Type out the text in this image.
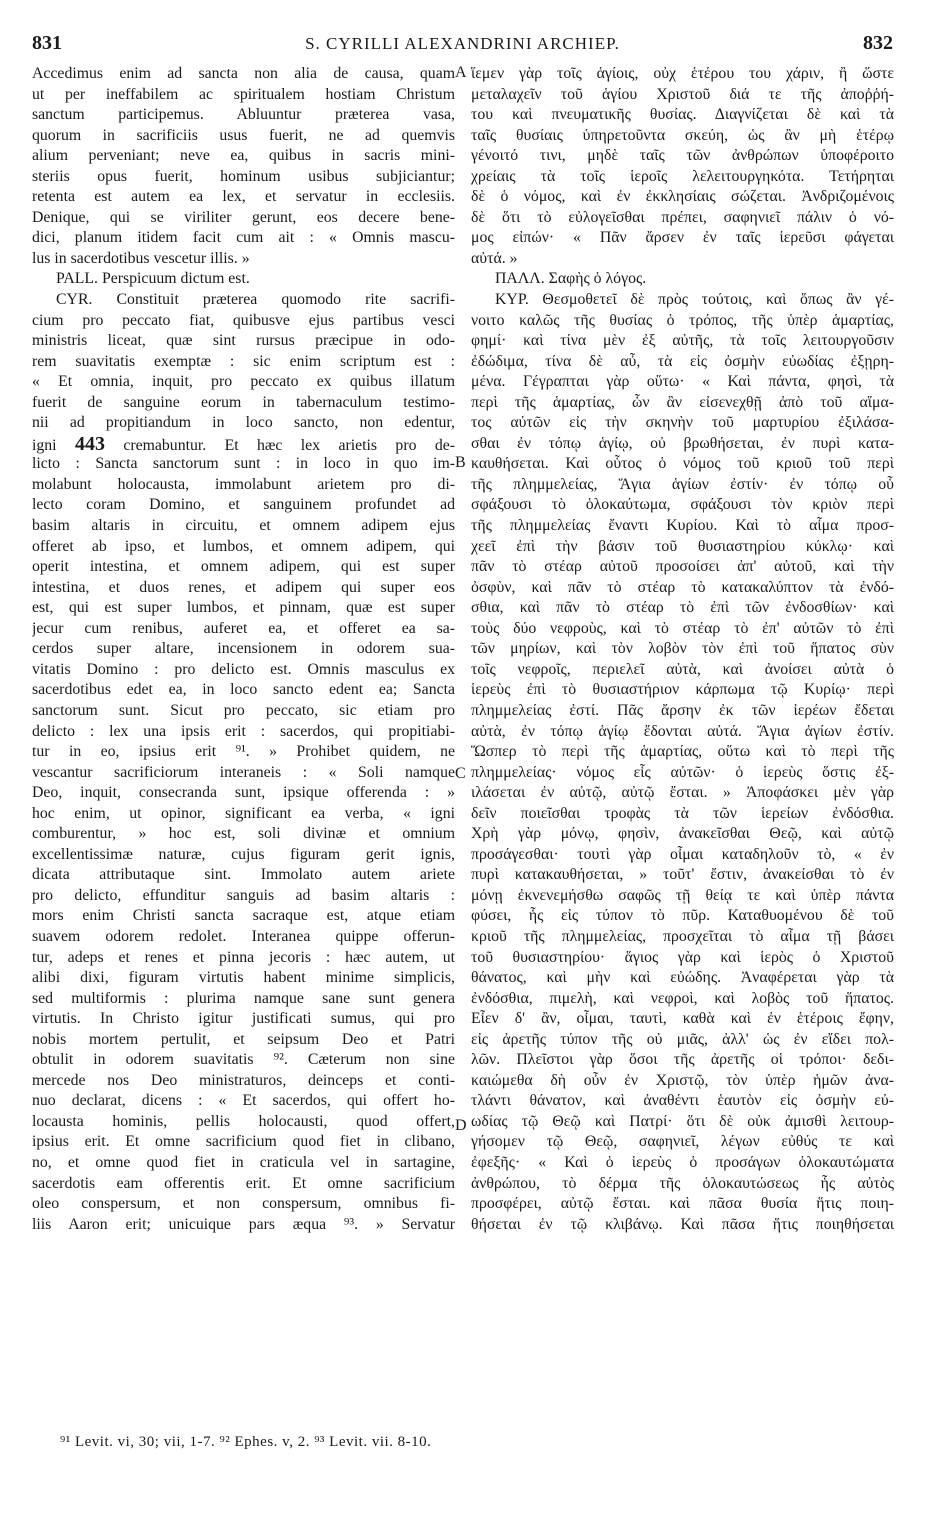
831	S. CYRILLI ALEXANDRINI ARCHIEP.	832
Accedimus enim ad sancta non alia de causa, quam
ut per ineffabilem ac spiritualem hostiam Christum
sanctum participemus. Abluuntur præterea vasa,
quorum in sacrificiis usus fuerit, ne ad quemvis
alium perveniant; neve ea, quibus in sacris mini-
steriis opus fuerit, hominum usibus subjiciantur;
retenta est autem ea lex, et servatur in ecclesiis.
Denique, qui se viriliter gerunt, eos decere bene-
dici, planum itidem facit cum ait : « Omnis mascu-
lus in sacerdotibus vescetur illis. »
PALL. Perspicuum dictum est.
CYR. Constituit præterea quomodo rite sacrifi-
cium pro peccato fiat, quibusve ejus partibus vesci
ministris liceat, quæ sint rursus præcipue in odo-
rem suavitatis exemptæ : sic enim scriptum est :
« Et omnia, inquit, pro peccato ex quibus illatum
fuerit de sanguine eorum in tabernaculum testimo-
nii ad propitiandum in loco sancto, non edentur,
igni 443 cremabuntur. Et hæc lex arietis pro de-
licto : Sancta sanctorum sunt : in loco in quo im-
molabunt holocausta, immolabunt arietem pro di-
lecto coram Domino, et sanguinem profundet ad
basim altaris in circuitu, et omnem adipem ejus
offeret ab ipso, et lumbos, et omnem adipem, qui
operit intestina, et omnem adipem, qui est super
intestina, et duos renes, et adipem qui super eos
est, qui est super lumbos, et pinnam, quæ est super
jecur cum renibus, auferet ea, et offeret ea sa-
cerdos super altare, incensionem in odorem sua-
vitatis Domino : pro delicto est. Omnis masculus ex
sacerdotibus edet ea, in loco sancto edent ea; Sancta
sanctorum sunt. Sicut pro peccato, sic etiam pro
delicto : lex una ipsis erit : sacerdos, qui propitiabi-
tur in eo, ipsius erit ⁹¹. » Prohibet quidem, ne
vescantur sacrificiorum interaneis : « Soli namque
Deo, inquit, consecranda sunt, ipsique offerenda : »
hoc enim, ut opinor, significant ea verba, « igni
comburentur, » hoc est, soli divinæ et omnium
excellentissimæ naturæ, cujus figuram gerit ignis,
dicata attributaque sint. Immolato autem ariete
pro delicto, effunditur sanguis ad basim altaris :
mors enim Christi sancta sacraque est, atque etiam
suavem odorem redolet. Interanea quippe offerun-
tur, adeps et renes et pinna jecoris : hæc autem, ut
alibi dixi, figuram virtutis habent minime simplicis,
sed multiformis : plurima namque sane sunt genera
virtutis. In Christo igitur justificati sumus, qui pro
nobis mortem pertulit, et seipsum Deo et Patri
obtulit in odorem suavitatis ⁹². Cæterum non sine
mercede nos Deo ministraturos, deinceps et conti-
nuo declarat, dicens : « Et sacerdos, qui offert ho-
locausta hominis, pellis holocausti, quod offert,
ipsius erit. Et omne sacrificium quod fiet in clibano,
no, et omne quod fiet in craticula vel in sartagine,
sacerdotis eam offerentis erit. Et omne sacrificium
oleo conspersum, et non conspersum, omnibus fi-
liis Aaron erit; unicuique pars æqua ⁹³. » Servatur
A
B
C
D
ἵεμεν γὰρ τοῖς ἁγίοις, οὐχ ἑτέρου του χάριν, ἢ ὥστε
μεταλαχεῖν τοῦ ἁγίου Χριστοῦ διά τε τῆς ἀποῤῥή-
του καὶ πνευματικῆς θυσίας. Διαγνίζεται δὲ καὶ τὰ
ταῖς θυσίαις ὑπηρετοῦντα σκεύη, ὡς ἂν μὴ ἑτέρῳ
γένοιτό τινι, μηδὲ ταῖς τῶν ἀνθρώπων ὑποφέροιτο
χρείαις τὰ τοῖς ἱεροῖς λελειτουργηκότα. Τετήρηται
δὲ ὁ νόμος, καὶ ἐν ἐκκλησίαις σώζεται. Ἀνδριζομένοις
δὲ ὅτι τὸ εὐλογεῖσθαι πρέπει, σαφηνιεῖ πάλιν ὁ νό-
μος εἰπών· « Πᾶν ἄρσεν ἐν ταῖς ἱερεῦσι φάγεται
αὐτά. »
ΠΑΛΛ. Σαφὴς ὁ λόγος.
ΚΥΡ. Θεσμοθετεῖ δὲ πρὸς τούτοις, καὶ ὅπως ἂν γέ-
νοιτο καλῶς τῆς θυσίας ὁ τρόπος, τῆς ὑπὲρ ἁμαρτίας,
φημί· καὶ τίνα μὲν ἐξ αὐτῆς, τὰ τοῖς λειτουργοῦσιν
ἐδώδιμα, τίνα δὲ αὖ, τὰ εἰς ὀσμὴν εὐωδίας ἐξῃρη-
μένα. Γέγραπται γὰρ οὕτω· « Καὶ πάντα, φησὶ, τὰ
περὶ τῆς ἁμαρτίας, ὧν ἂν εἰσενεχθῇ ἀπὸ τοῦ αἵμα-
τος αὐτῶν εἰς τὴν σκηνὴν τοῦ μαρτυρίου ἐξιλάσα-
σθαι ἐν τόπῳ ἁγίῳ, οὐ βρωθήσεται, ἐν πυρὶ κατα-
καυθήσεται. Καὶ οὗτος ὁ νόμος τοῦ κριοῦ τοῦ περὶ
τῆς πλημμελείας, Ἅγια ἁγίων ἐστίν· ἐν τόπῳ οὗ
σφάξουσι τὸ ὁλοκαύτωμα, σφάξουσι τὸν κριὸν περὶ
τῆς πλημμελείας ἔναντι Κυρίου. Καὶ τὸ αἷμα προσ-
χεεῖ ἐπὶ τὴν βάσιν τοῦ θυσιαστηρίου κύκλῳ· καὶ
πᾶν τὸ στέαρ αὐτοῦ προσοίσει ἀπ' αὐτοῦ, καὶ τὴν
ὀσφὺν, καὶ πᾶν τὸ στέαρ τὸ κατακαλύπτον τὰ ἐνδό-
σθια, καὶ πᾶν τὸ στέαρ τὸ ἐπὶ τῶν ἐνδοσθίων· καὶ
τοὺς δύο νεφροὺς, καὶ τὸ στέαρ τὸ ἐπ' αὐτῶν τὸ ἐπὶ
τῶν μηρίων, καὶ τὸν λοβὸν τὸν ἐπὶ τοῦ ἥπατος σὺν
τοῖς νεφροῖς, περιελεῖ αὐτὰ, καὶ ἀνοίσει αὐτὰ ὁ
ἱερεὺς ἐπὶ τὸ θυσιαστήριον κάρπωμα τῷ Κυρίῳ· περὶ
πλημμελείας ἐστί. Πᾶς ἄρσην ἐκ τῶν ἱερέων ἔδεται
αὐτὰ, ἐν τόπῳ ἁγίῳ ἔδονται αὐτά. Ἅγια ἁγίων ἐστίν.
Ὥσπερ τὸ περὶ τῆς ἁμαρτίας, οὕτω καὶ τὸ περὶ τῆς
πλημμελείας· νόμος εἷς αὐτῶν· ὁ ἱερεὺς ὅστις ἐξ-
ιλάσεται ἐν αὐτῷ, αὐτῷ ἔσται. » Ἀποφάσκει μὲν γὰρ
δεῖν ποιεῖσθαι τροφὰς τὰ τῶν ἱερείων ἐνδόσθια.
Χρὴ γὰρ μόνῳ, φησὶν, ἀνακεῖσθαι Θεῷ, καὶ αὐτῷ
προσάγεσθαι· τουτὶ γὰρ οἶμαι καταδηλοῦν τὸ, « ἐν
πυρὶ κατακαυθήσεται, » τοῦτ' ἔστιν, ἀνακείσθαι τὸ ἐν
μόνῃ ἐκνενεμήσθω σαφῶς τῇ θείᾳ τε καὶ ὑπὲρ πάντα
φύσει, ἧς εἰς τύπον τὸ πῦρ. Καταθυομένου δὲ τοῦ
κριοῦ τῆς πλημμελείας, προσχεῖται τὸ αἷμα τῇ βάσει
τοῦ θυσιαστηρίου· ἅγιος γὰρ καὶ ἱερὸς ὁ Χριστοῦ
θάνατος, καὶ μὴν καὶ εὐώδης. Ἀναφέρεται γὰρ τὰ
ἐνδόσθια, πιμελὴ, καὶ νεφροὶ, καὶ λοβὸς τοῦ ἥπατος.
Εἶεν δ' ἂν, οἶμαι, ταυτὶ, καθὰ καὶ ἐν ἑτέροις ἔφην,
εἰς ἀρετῆς τύπον τῆς οὐ μιᾶς, ἀλλ' ὡς ἐν εἴδει πολ-
λῶν. Πλεῖστοι γὰρ ὅσοι τῆς ἀρετῆς οἱ τρόποι· δεδι-
καιώμεθα δὴ οὖν ἐν Χριστῷ, τὸν ὑπὲρ ἡμῶν ἀνα-
τλάντι θάνατον, καὶ ἀναθέντι ἑαυτὸν εἰς ὀσμὴν εὐ-
ωδίας τῷ Θεῷ καὶ Πατρί· ὅτι δὲ οὐκ ἀμισθὶ λειτουρ-
γήσομεν τῷ Θεῷ, σαφηνιεῖ, λέγων εὐθύς τε καὶ
ἐφεξῆς· « Καὶ ὁ ἱερεὺς ὁ προσάγων ὁλοκαυτώματα
ἀνθρώπου, τὸ δέρμα τῆς ὁλοκαυτώσεως ἧς αὐτὸς
προσφέρει, αὐτῷ ἔσται. καὶ πᾶσα θυσία ἥτις ποιη-
θήσεται ἐν τῷ κλιβάνῳ. Καὶ πᾶσα ἥτις ποιηθήσεται
⁹¹ Levit. vi, 30; vii, 1-7. ⁹² Ephes. v, 2. ⁹³ Levit. vii. 8-10.
